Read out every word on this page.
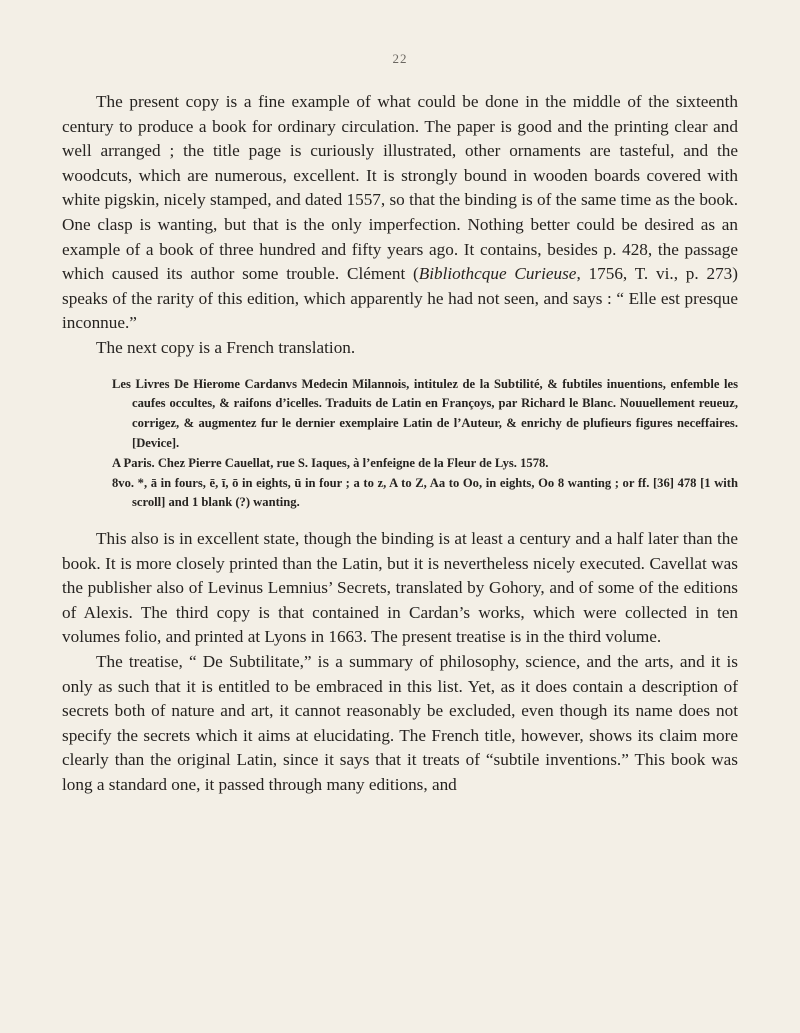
22

The present copy is a fine example of what could be done in the middle of the sixteenth century to produce a book for ordinary circulation. The paper is good and the printing clear and well arranged ; the title page is curiously illustrated, other ornaments are tasteful, and the woodcuts, which are numerous, excellent. It is strongly bound in wooden boards covered with white pigskin, nicely stamped, and dated 1557, so that the binding is of the same time as the book. One clasp is wanting, but that is the only imperfection. Nothing better could be desired as an example of a book of three hundred and fifty years ago. It contains, besides p. 428, the passage which caused its author some trouble. Clément (Bibliothcque Curieuse, 1756, T. vi., p. 273) speaks of the rarity of this edition, which apparently he had not seen, and says : “ Elle est presque inconnue.”

The next copy is a French translation.

Les Livres De Hierome Cardanvs Medecin Milannois, intitulez de la Subtilité, & fubtiles inuentions, enfemble les caufes occultes, & raifons d’icelles. Traduits de Latin en Françoys, par Richard le Blanc. Nouuellement reueuz, corrigez, & augmentez fur le dernier exemplaire Latin de l’Auteur, & enrichy de plufieurs figures neceffaires. [Device].

A Paris. Chez Pierre Cauellat, rue S. Iaques, à l’enfeigne de la Fleur de Lys. 1578.

8vo. *, ā in fours, ē, ī, ō in eights, ū in four ; a to z, A to Z, Aa to Oo, in eights, Oo 8 wanting ; or ff. [36] 478 [1 with scroll] and 1 blank (?) wanting.

This also is in excellent state, though the binding is at least a century and a half later than the book. It is more closely printed than the Latin, but it is nevertheless nicely executed. Cavellat was the publisher also of Levinus Lemnius’ Secrets, translated by Gohory, and of some of the editions of Alexis. The third copy is that contained in Cardan’s works, which were collected in ten volumes folio, and printed at Lyons in 1663. The present treatise is in the third volume.

The treatise, “ De Subtilitate,” is a summary of philosophy, science, and the arts, and it is only as such that it is entitled to be embraced in this list. Yet, as it does contain a description of secrets both of nature and art, it cannot reasonably be excluded, even though its name does not specify the secrets which it aims at elucidating. The French title, however, shows its claim more clearly than the original Latin, since it says that it treats of “subtile inventions.” This book was long a standard one, it passed through many editions, and
